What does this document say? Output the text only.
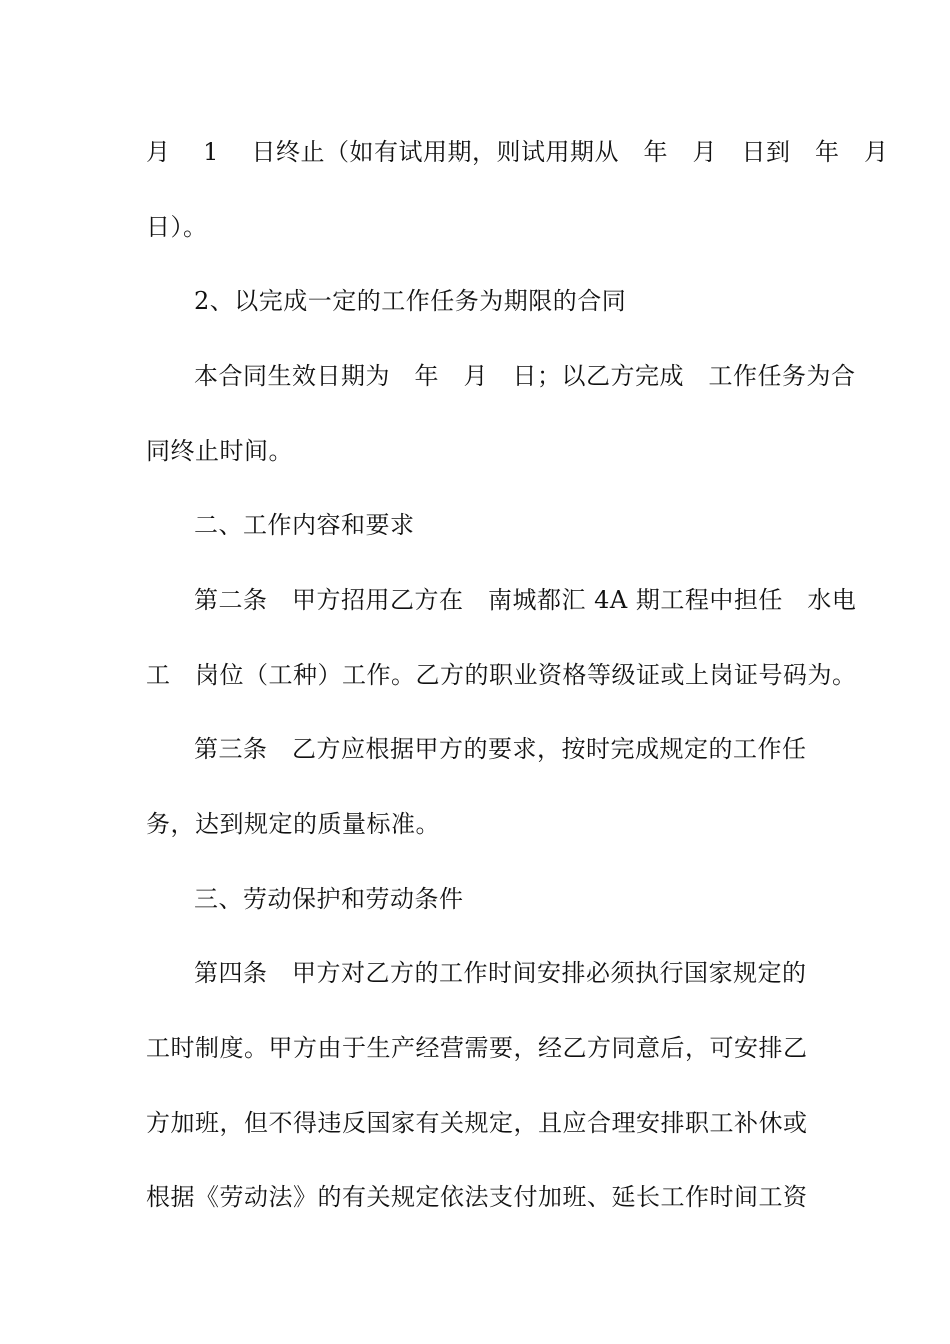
月　 1　 日终止（如有试用期，则试用期从　年　月　日到　年　月
日）。
2、以完成一定的工作任务为期限的合同
本合同生效日期为　年　月　日；以乙方完成　工作任务为合
同终止时间。
二、工作内容和要求
第二条　甲方招用乙方在　南城都汇 4A 期工程中担任　水电
工　岗位（工种）工作。乙方的职业资格等级证或上岗证号码为。
第三条　乙方应根据甲方的要求，按时完成规定的工作任
务，达到规定的质量标准。
三、劳动保护和劳动条件
第四条　甲方对乙方的工作时间安排必须执行国家规定的
工时制度。甲方由于生产经营需要，经乙方同意后，可安排乙
方加班，但不得违反国家有关规定，且应合理安排职工补休或
根据《劳动法》的有关规定依法支付加班、延长工作时间工资
